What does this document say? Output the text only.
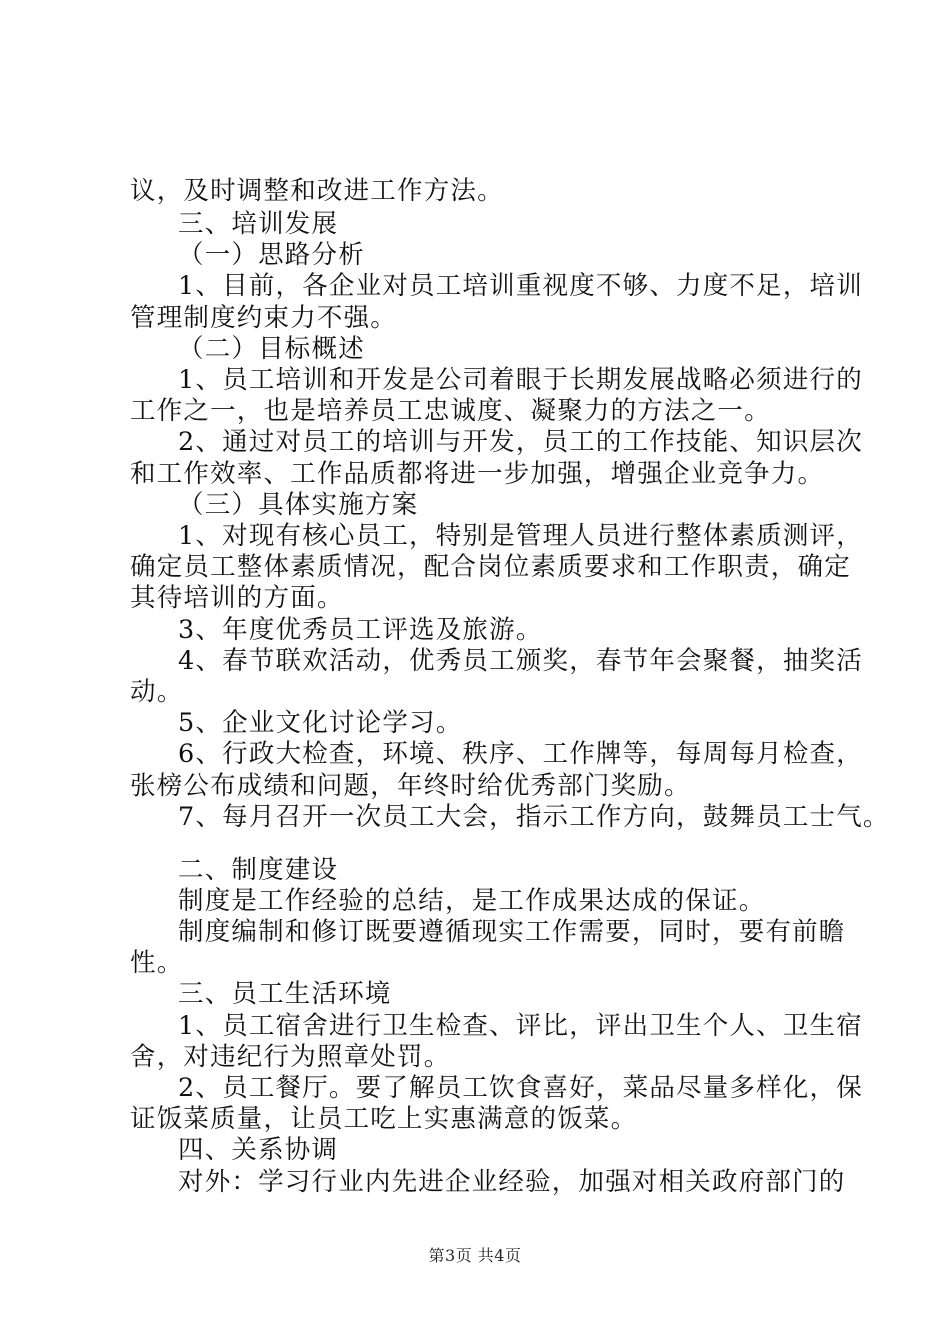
议，及时调整和改进工作方法。
三、培训发展
（一）思路分析
1、目前，各企业对员工培训重视度不够、力度不足，培训
管理制度约束力不强。
（二）目标概述
1、员工培训和开发是公司着眼于长期发展战略必须进行的
工作之一，也是培养员工忠诚度、凝聚力的方法之一。
2、通过对员工的培训与开发，员工的工作技能、知识层次
和工作效率、工作品质都将进一步加强，增强企业竞争力。
（三）具体实施方案
1、对现有核心员工，特别是管理人员进行整体素质测评，
确定员工整体素质情况，配合岗位素质要求和工作职责，确定
其待培训的方面。
3、年度优秀员工评选及旅游。
4、春节联欢活动，优秀员工颁奖，春节年会聚餐，抽奖活
动。
5、企业文化讨论学习。
6、行政大检查，环境、秩序、工作牌等，每周每月检查，
张榜公布成绩和问题，年终时给优秀部门奖励。
7、每月召开一次员工大会，指示工作方向，鼓舞员工士气。
二、制度建设
制度是工作经验的总结，是工作成果达成的保证。
制度编制和修订既要遵循现实工作需要，同时，要有前瞻
性。
三、员工生活环境
1、员工宿舍进行卫生检查、评比，评出卫生个人、卫生宿
舍，对违纪行为照章处罚。
2、员工餐厅。要了解员工饮食喜好，菜品尽量多样化，保
证饭菜质量，让员工吃上实惠满意的饭菜。
四、关系协调
对外：学习行业内先进企业经验，加强对相关政府部门的
第3页 共4页
